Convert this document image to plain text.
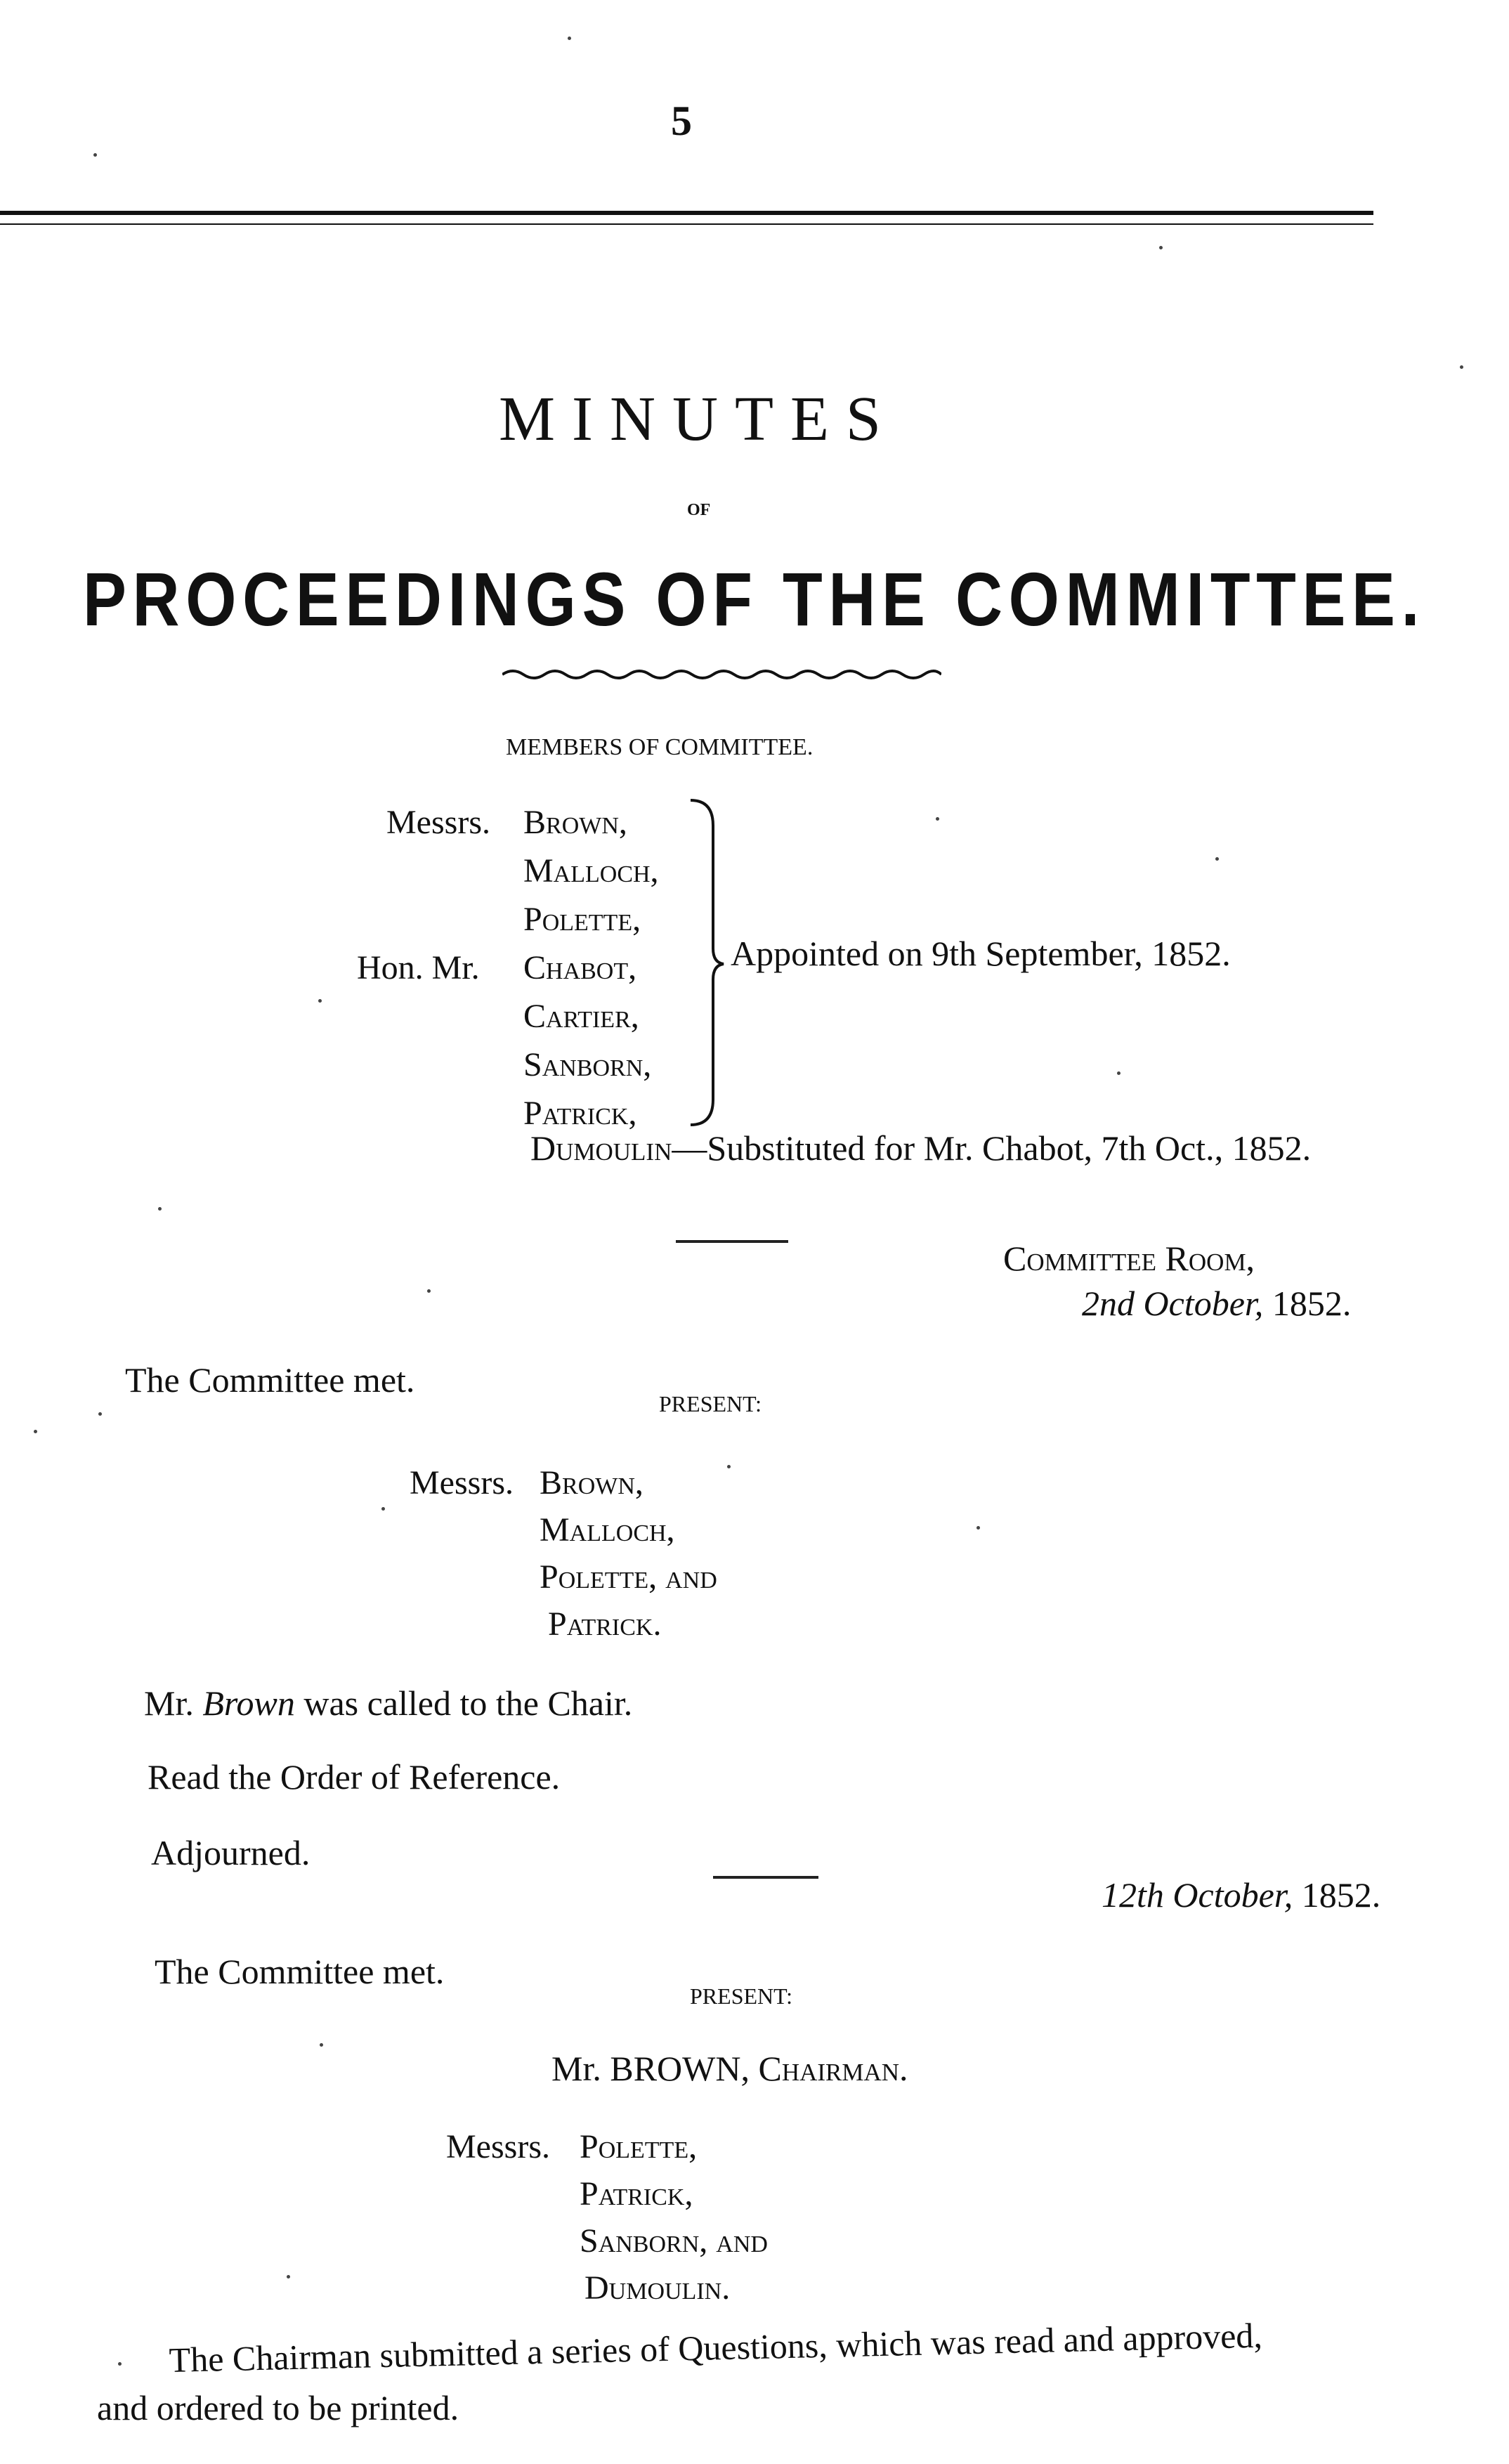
5
MINUTES
OF
PROCEEDINGS OF THE COMMITTEE.
MEMBERS OF COMMITTEE.
Messrs.
Hon. Mr.
Brown,
Malloch,
Polette,
Chabot,
Cartier,
Sanborn,
Patrick,
Appointed on 9th September, 1852.
Dumoulin—Substituted for Mr. Chabot, 7th Oct., 1852.
Committee Room,
2nd October, 1852.
The Committee met.
PRESENT:
Messrs. Brown,
Malloch,
Polette, and
Patrick.
Mr. Brown was called to the Chair.
Read the Order of Reference.
Adjourned.
12th October, 1852.
The Committee met.
PRESENT:
Mr. BROWN, Chairman.
Messrs. Polette,
Patrick,
Sanborn, and
Dumoulin.
The Chairman submitted a series of Questions, which was read and approved,
and ordered to be printed.
